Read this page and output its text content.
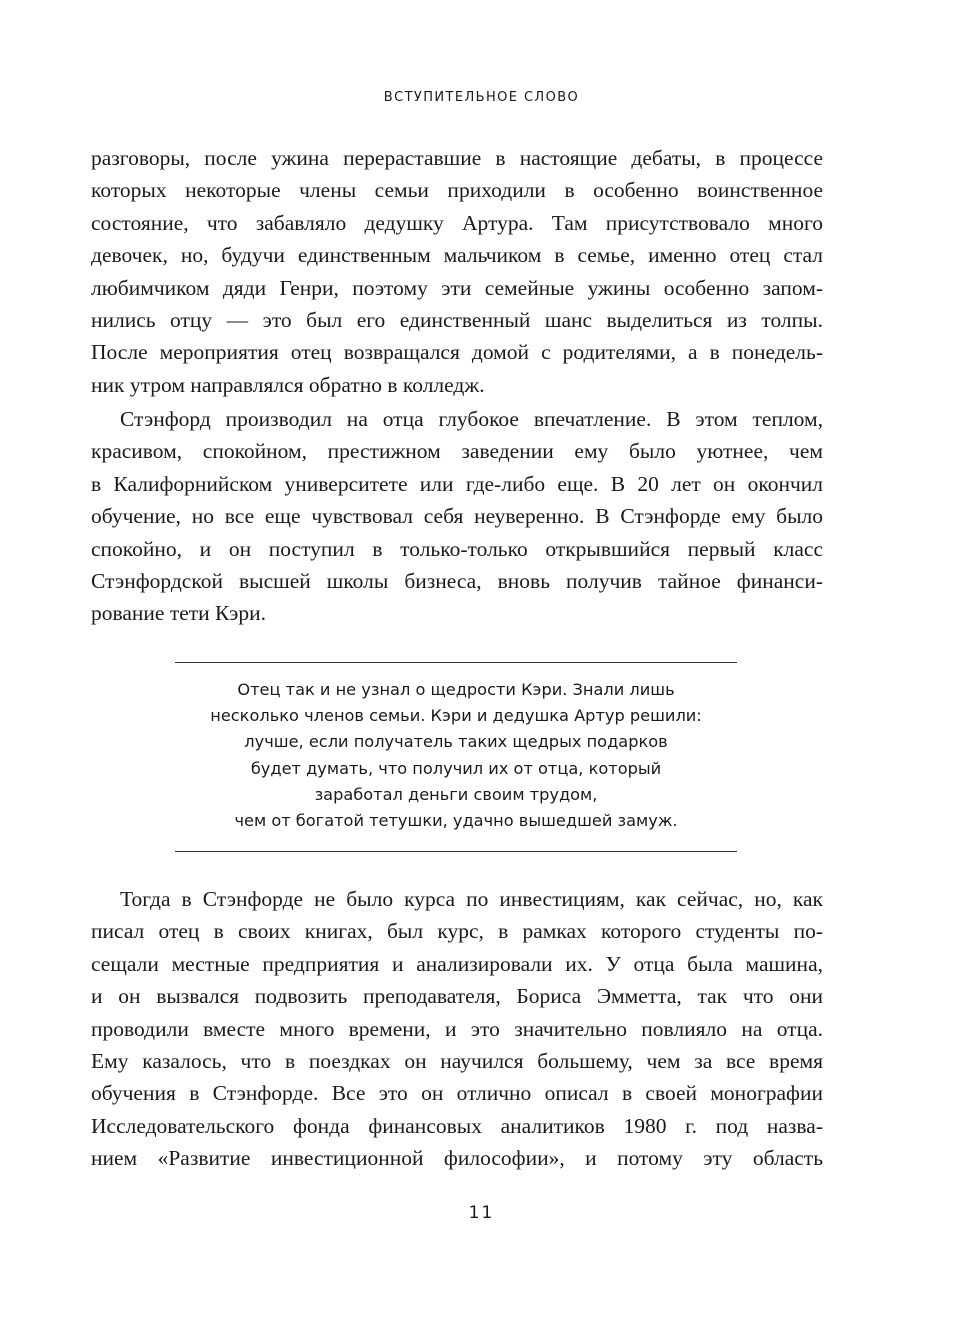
ВСТУПИТЕЛЬНОЕ СЛОВО
разговоры, после ужина перераставшие в настоящие дебаты, в процессе
которых некоторые члены семьи приходили в особенно воинственное
состояние, что забавляло дедушку Артура. Там присутствовало много
девочек, но, будучи единственным мальчиком в семье, именно отец стал
любимчиком дяди Генри, поэтому эти семейные ужины особенно запом-
нились отцу — это был его единственный шанс выделиться из толпы.
После мероприятия отец возвращался домой с родителями, а в понедель-
ник утром направлялся обратно в колледж.
Стэнфорд производил на отца глубокое впечатление. В этом теплом,
красивом, спокойном, престижном заведении ему было уютнее, чем
в Калифорнийском университете или где-либо еще. В 20 лет он окончил
обучение, но все еще чувствовал себя неуверенно. В Стэнфорде ему было
спокойно, и он поступил в только-только открывшийся первый класс
Стэнфордской высшей школы бизнеса, вновь получив тайное финанси-
рование тети Кэри.
Отец так и не узнал о щедрости Кэри. Знали лишь
несколько членов семьи. Кэри и дедушка Артур решили:
лучше, если получатель таких щедрых подарков
будет думать, что получил их от отца, который
заработал деньги своим трудом,
чем от богатой тетушки, удачно вышедшей замуж.
Тогда в Стэнфорде не было курса по инвестициям, как сейчас, но, как
писал отец в своих книгах, был курс, в рамках которого студенты по-
сещали местные предприятия и анализировали их. У отца была машина,
и он вызвался подвозить преподавателя, Бориса Эмметта, так что они
проводили вместе много времени, и это значительно повлияло на отца.
Ему казалось, что в поездках он научился большему, чем за все время
обучения в Стэнфорде. Все это он отлично описал в своей монографии
Исследовательского фонда финансовых аналитиков 1980 г. под назва-
нием «Развитие инвестиционной философии», и потому эту область
11
